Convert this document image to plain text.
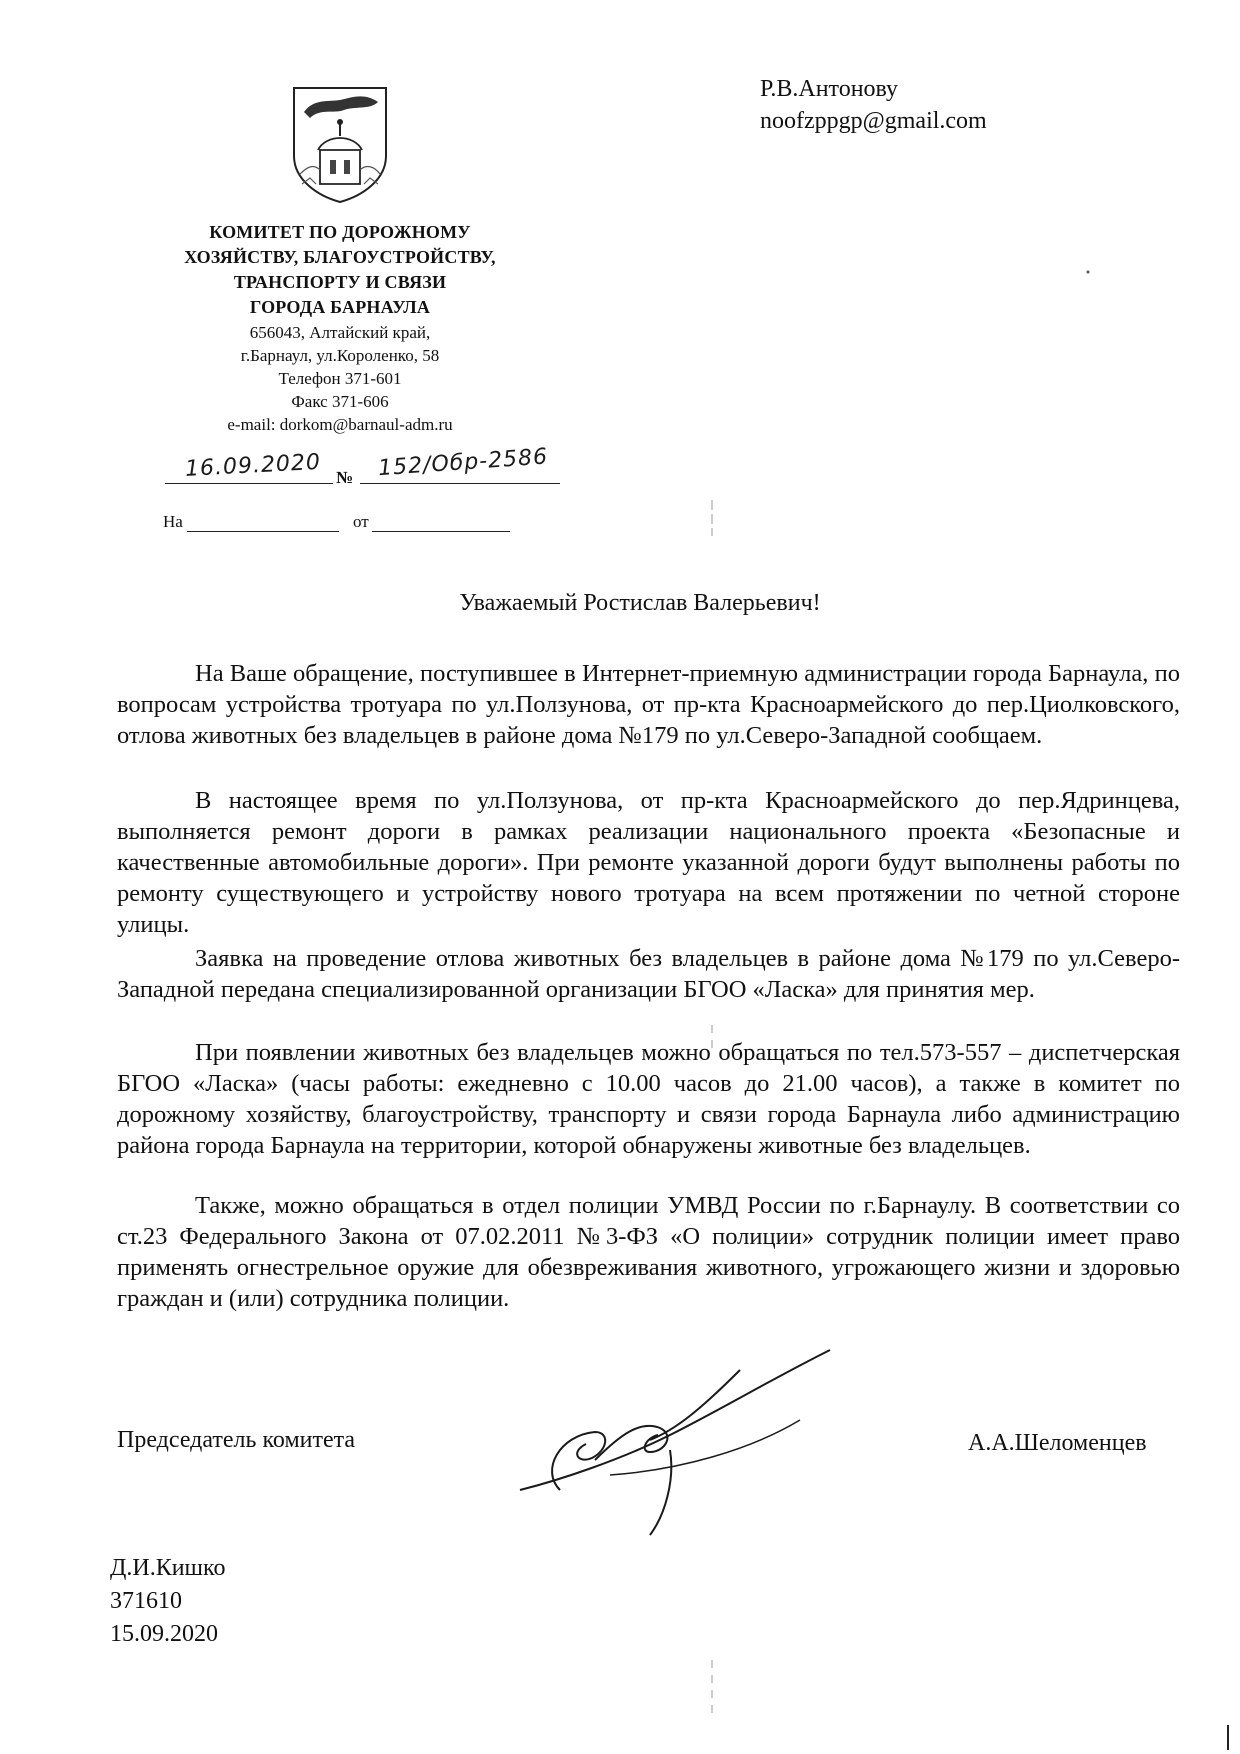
Р.В.Антонову
noofzppgp@gmail.com
КОМИТЕТ ПО ДОРОЖНОМУ
ХОЗЯЙСТВУ, БЛАГОУСТРОЙСТВУ,
ТРАНСПОРТУ И СВЯЗИ
ГОРОДА БАРНАУЛА
656043, Алтайский край,
г.Барнаул, ул.Короленко, 58
Телефон 371-601
Факс 371-606
e-mail: dorkom@barnaul-adm.ru
16.09.2020 № 152/Обр-2586
На	от
Уважаемый Ростислав Валерьевич!
На Ваше обращение, поступившее в Интернет-приемную администрации города Барнаула, по вопросам устройства тротуара по ул.Ползунова, от пр-кта Красноармейского до пер.Циолковского, отлова животных без владельцев в районе дома №179 по ул.Северо-Западной сообщаем.
В настоящее время по ул.Ползунова, от пр-кта Красноармейского до пер.Ядринцева, выполняется ремонт дороги в рамках реализации национального проекта «Безопасные и качественные автомобильные дороги». При ремонте указанной дороги будут выполнены работы по ремонту существующего и устройству нового тротуара на всем протяжении по четной стороне улицы.
Заявка на проведение отлова животных без владельцев в районе дома №179 по ул.Северо-Западной передана специализированной организации БГОО «Ласка» для принятия мер.
При появлении животных без владельцев можно обращаться по тел.573-557 – диспетчерская БГОО «Ласка» (часы работы: ежедневно с 10.00 часов до 21.00 часов), а также в комитет по дорожному хозяйству, благоустройству, транспорту и связи города Барнаула либо администрацию района города Барнаула на территории, которой обнаружены животные без владельцев.
Также, можно обращаться в отдел полиции УМВД России по г.Барнаулу. В соответствии со ст.23 Федерального Закона от 07.02.2011 №3-ФЗ «О полиции» сотрудник полиции имеет право применять огнестрельное оружие для обезвреживания животного, угрожающего жизни и здоровью граждан и (или) сотрудника полиции.
Председатель комитета	А.А.Шеломенцев
Д.И.Кишко
371610
15.09.2020
